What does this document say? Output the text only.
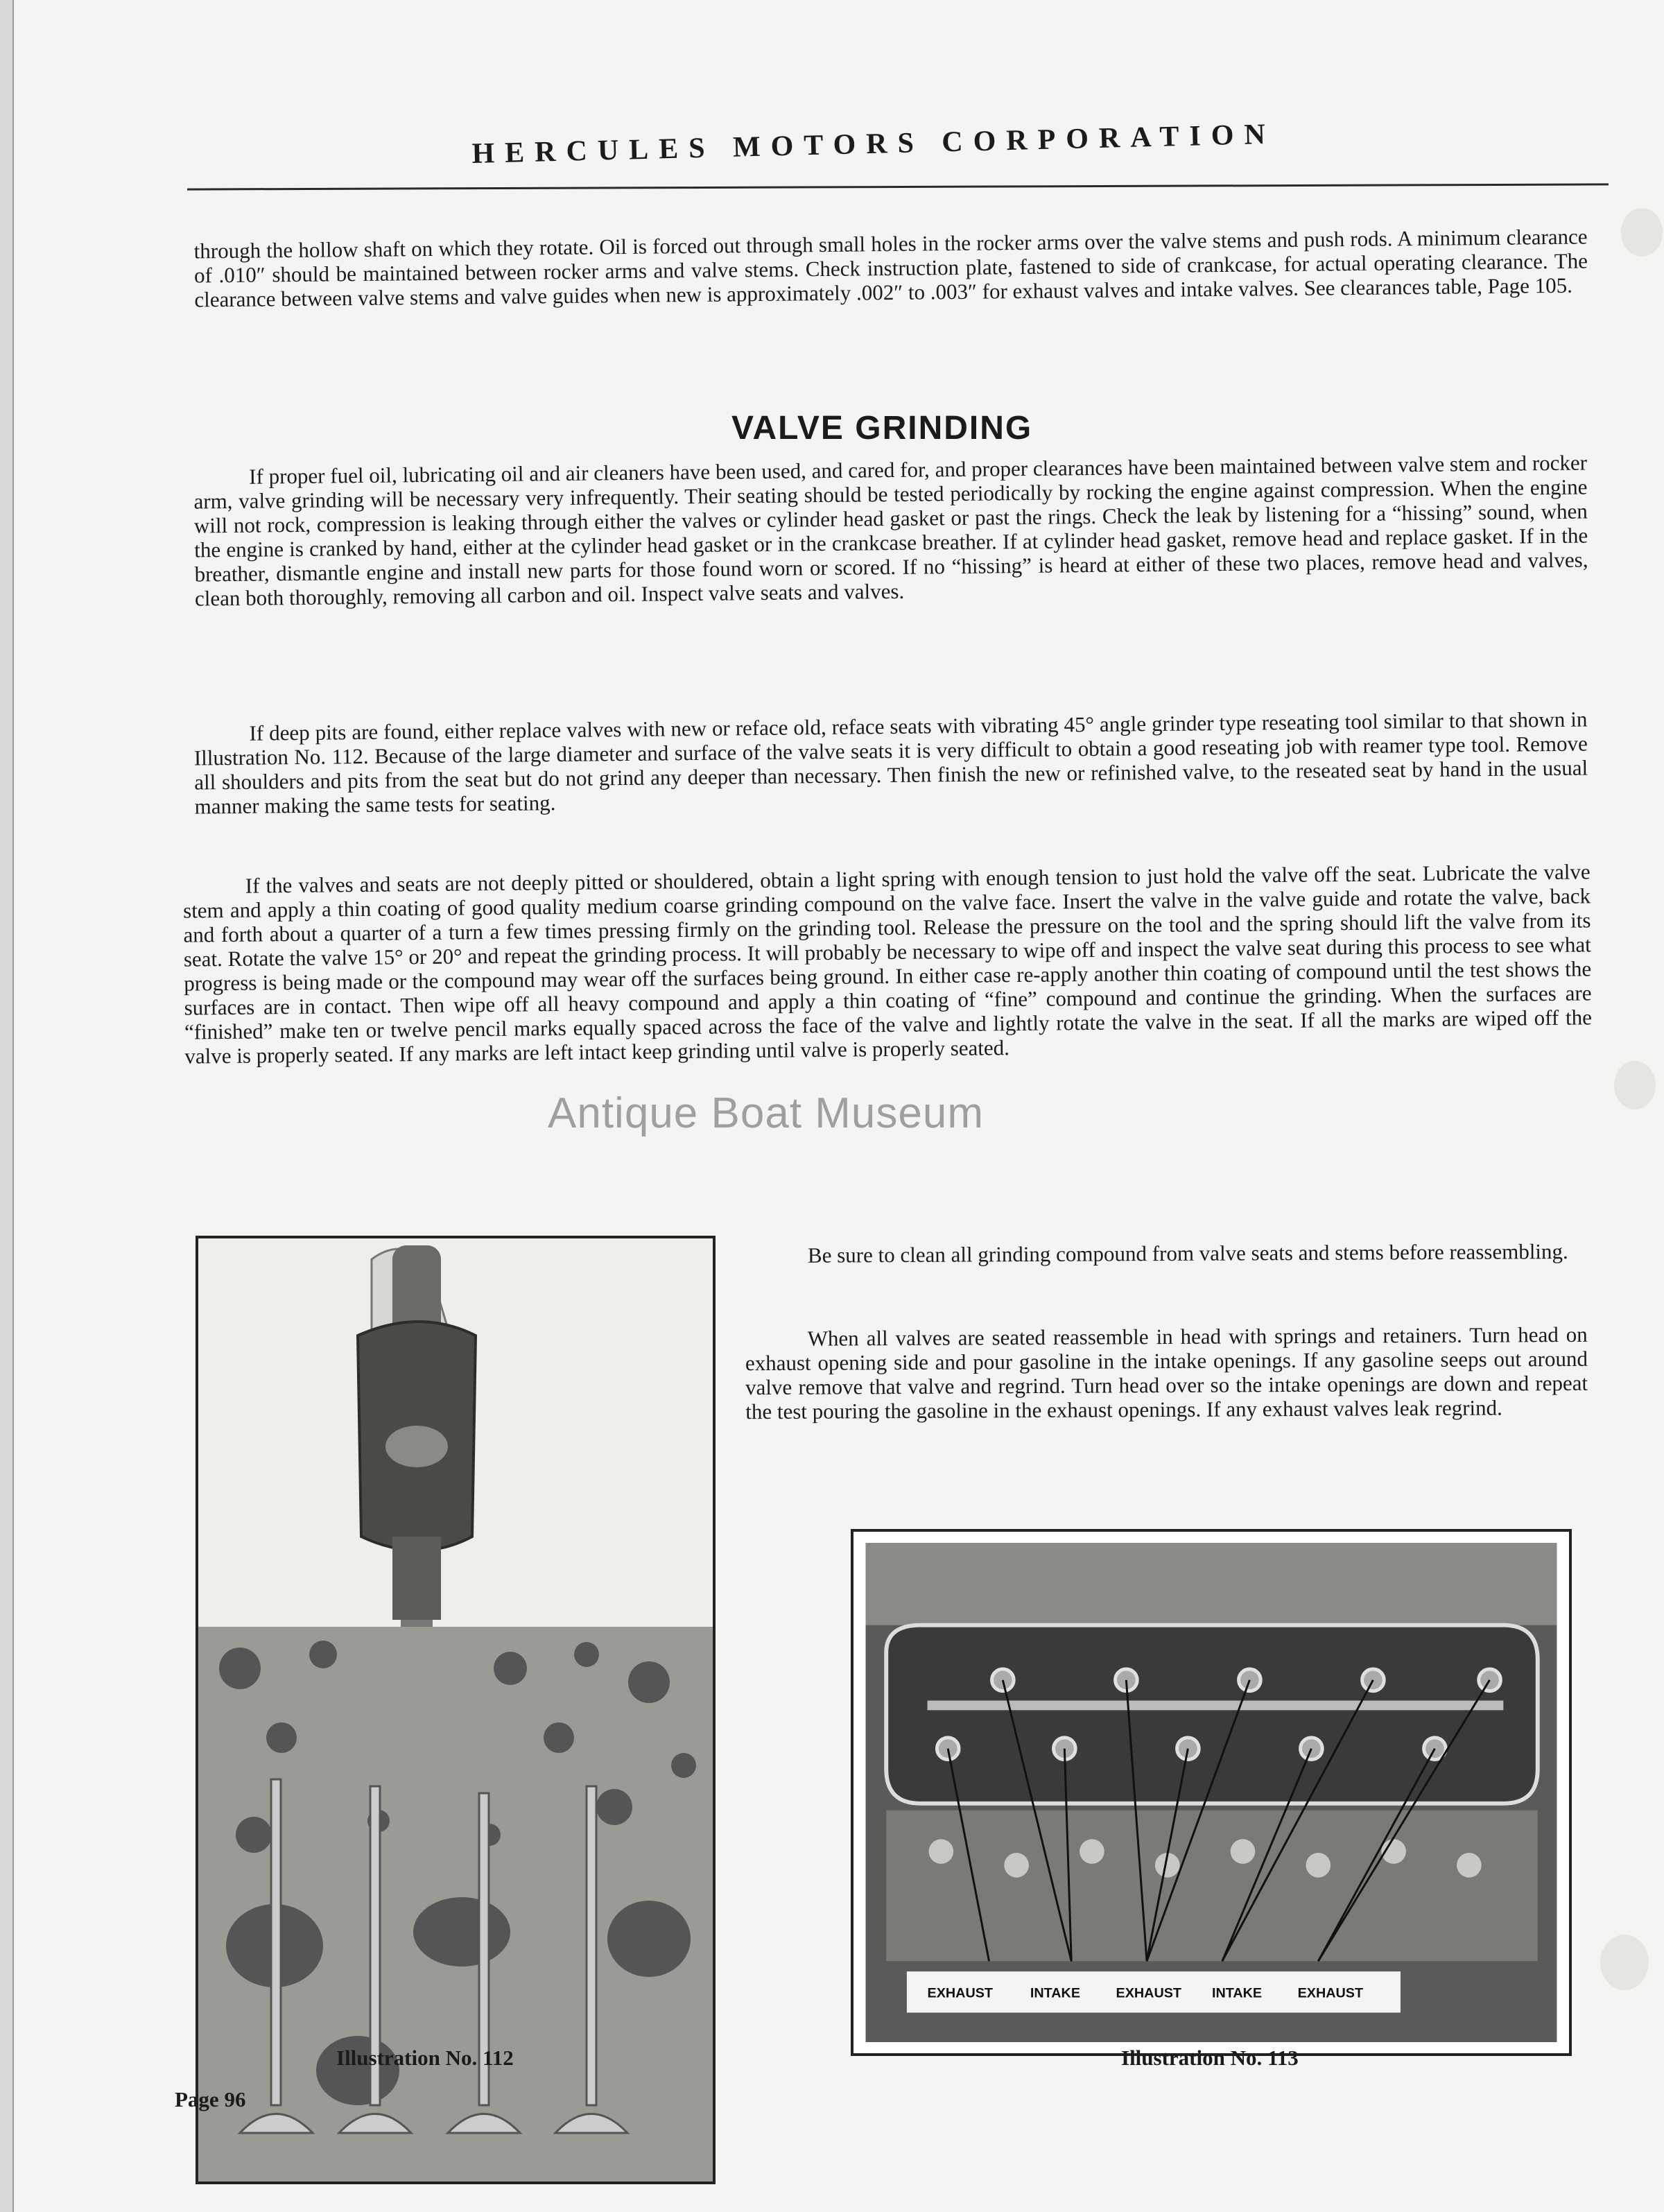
HERCULES MOTORS CORPORATION

through the hollow shaft on which they rotate. Oil is forced out through small holes in the rocker arms over the valve stems and push rods. A minimum clearance of .010″ should be maintained between rocker arms and valve stems. Check instruction plate, fastened to side of crankcase, for actual operating clearance. The clearance between valve stems and valve guides when new is approximately .002″ to .003″ for exhaust valves and intake valves. See clearances table, Page 105.

VALVE GRINDING

If proper fuel oil, lubricating oil and air cleaners have been used, and cared for, and proper clearances have been maintained between valve stem and rocker arm, valve grinding will be necessary very infrequently. Their seating should be tested periodically by rocking the engine against compression. When the engine will not rock, compression is leaking through either the valves or cylinder head gasket or past the rings. Check the leak by listening for a “hissing” sound, when the engine is cranked by hand, either at the cylinder head gasket or in the crankcase breather. If at cylinder head gasket, remove head and replace gasket. If in the breather, dismantle engine and install new parts for those found worn or scored. If no “hissing” is heard at either of these two places, remove head and valves, clean both thoroughly, removing all carbon and oil. Inspect valve seats and valves.

If deep pits are found, either replace valves with new or reface old, reface seats with vibrating 45° angle grinder type reseating tool similar to that shown in Illustration No. 112. Because of the large diameter and surface of the valve seats it is very difficult to obtain a good reseating job with reamer type tool. Remove all shoulders and pits from the seat but do not grind any deeper than necessary. Then finish the new or refinished valve, to the reseated seat by hand in the usual manner making the same tests for seating.

If the valves and seats are not deeply pitted or shouldered, obtain a light spring with enough tension to just hold the valve off the seat. Lubricate the valve stem and apply a thin coating of good quality medium coarse grinding compound on the valve face. Insert the valve in the valve guide and rotate the valve, back and forth about a quarter of a turn a few times pressing firmly on the grinding tool. Release the pressure on the tool and the spring should lift the valve from its seat. Rotate the valve 15° or 20° and repeat the grinding process. It will probably be necessary to wipe off and inspect the valve seat during this process to see what progress is being made or the compound may wear off the surfaces being ground. In either case re-apply another thin coating of compound until the test shows the surfaces are in contact. Then wipe off all heavy compound and apply a thin coating of “fine” compound and continue the grinding. When the surfaces are “finished” make ten or twelve pencil marks equally spaced across the face of the valve and lightly rotate the valve in the seat. If all the marks are wiped off the valve is properly seated. If any marks are left intact keep grinding until valve is properly seated.

Antique Boat Museum

Be sure to clean all grinding compound from valve seats and stems before reassembling.

When all valves are seated reassemble in head with springs and retainers. Turn head on exhaust opening side and pour gasoline in the intake openings. If any gasoline seeps out around valve remove that valve and regrind. Turn head over so the intake openings are down and repeat the test pouring the gasoline in the exhaust openings. If any exhaust valves leak regrind.

EXHAUST	INTAKE	EXHAUST INTAKE	EXHAUST
Illustration No. 112	Illustration No. 113
Page 96
